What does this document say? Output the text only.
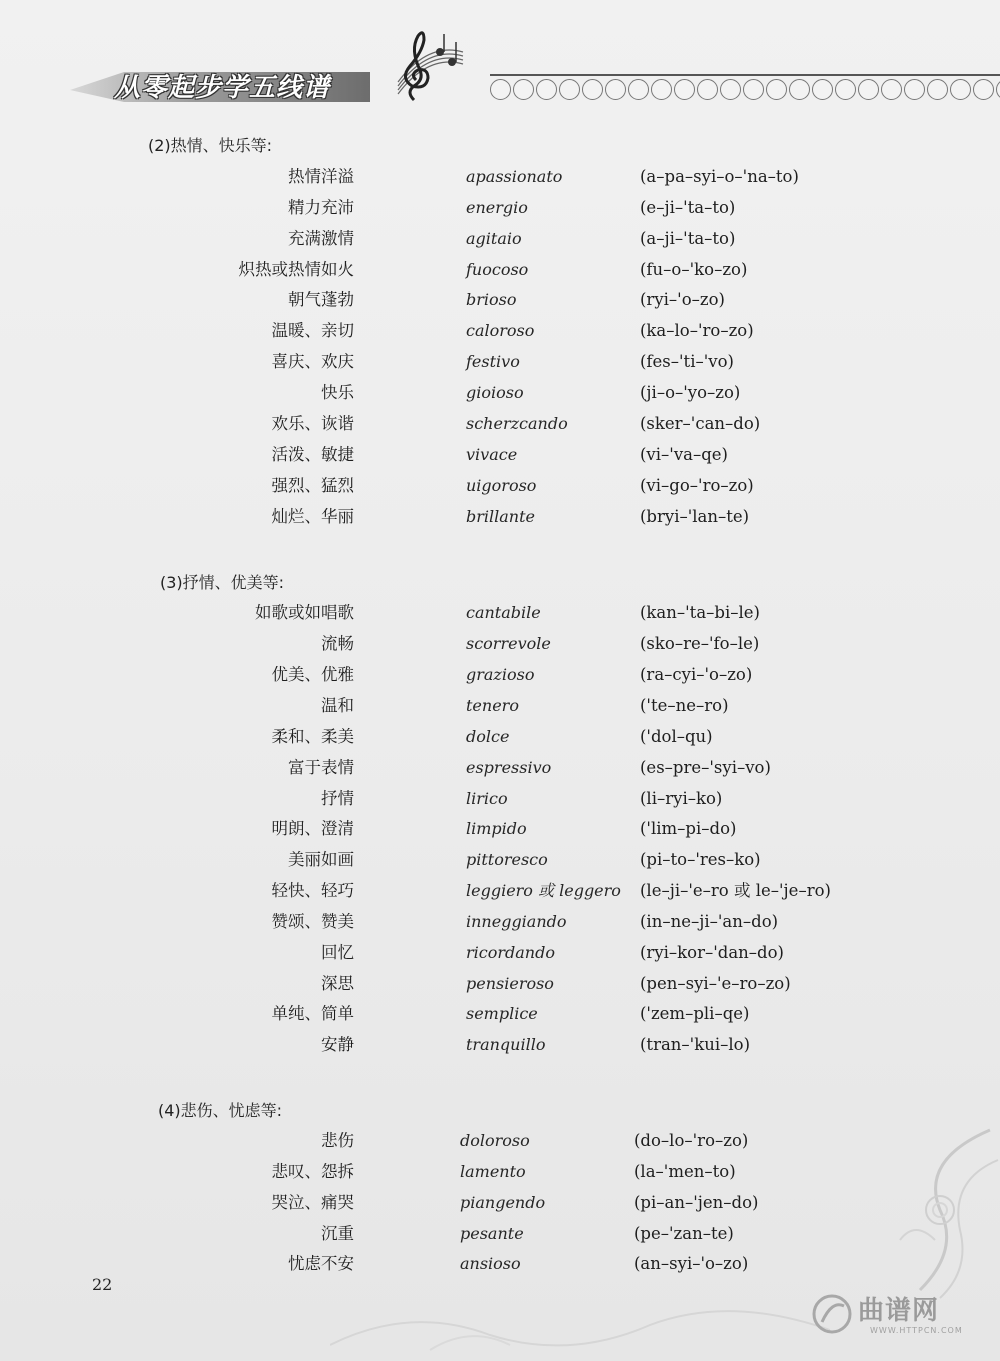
从零起步学五线谱
(2)热情、快乐等:
热情洋溢	apassionato	(a–pa–syi–o–'na–to)
精力充沛	energio	(e–ji–'ta–to)
充满激情	agitaio	(a–ji–'ta–to)
炽热或热情如火	fuocoso	(fu–o–'ko–zo)
朝气蓬勃	brioso	(ryi–'o–zo)
温暖、亲切	caloroso	(ka–lo–'ro–zo)
喜庆、欢庆	festivo	(fes–'ti–'vo)
快乐	gioioso	(ji–o–'yo–zo)
欢乐、诙谐	scherzcando	(sker–'can–do)
活泼、敏捷	vivace	(vi–'va–qe)
强烈、猛烈	uigoroso	(vi–go–'ro–zo)
灿烂、华丽	brillante	(bryi–'lan–te)
(3)抒情、优美等:
如歌或如唱歌	cantabile	(kan–'ta–bi–le)
流畅	scorrevole	(sko–re–'fo–le)
优美、优雅	grazioso	(ra–cyi–'o–zo)
温和	tenero	('te–ne–ro)
柔和、柔美	dolce	('dol–qu)
富于表情	espressivo	(es–pre–'syi–vo)
抒情	lirico	(li–ryi–ko)
明朗、澄清	limpido	('lim–pi–do)
美丽如画	pittoresco	(pi–to–'res–ko)
轻快、轻巧	leggiero 或 leggero (le–ji–'e–ro 或 le–'je–ro)
赞颂、赞美	inneggiando	(in–ne–ji–'an–do)
回忆	ricordando	(ryi–kor–'dan–do)
深思	pensieroso	(pen–syi–'e–ro–zo)
单纯、简单	semplice	('zem–pli–qe)
安静	tranquillo	(tran–'kui–lo)
(4)悲伤、忧虑等:
悲伤	doloroso	(do–lo–'ro–zo)
悲叹、怨拆	lamento	(la–'men–to)
哭泣、痛哭	piangendo	(pi–an–'jen–do)
沉重	pesante	(pe–'zan–te)
忧虑不安	ansioso	(an–syi–'o–zo)
22
曲谱网
WWW.HTTPCN.COM
